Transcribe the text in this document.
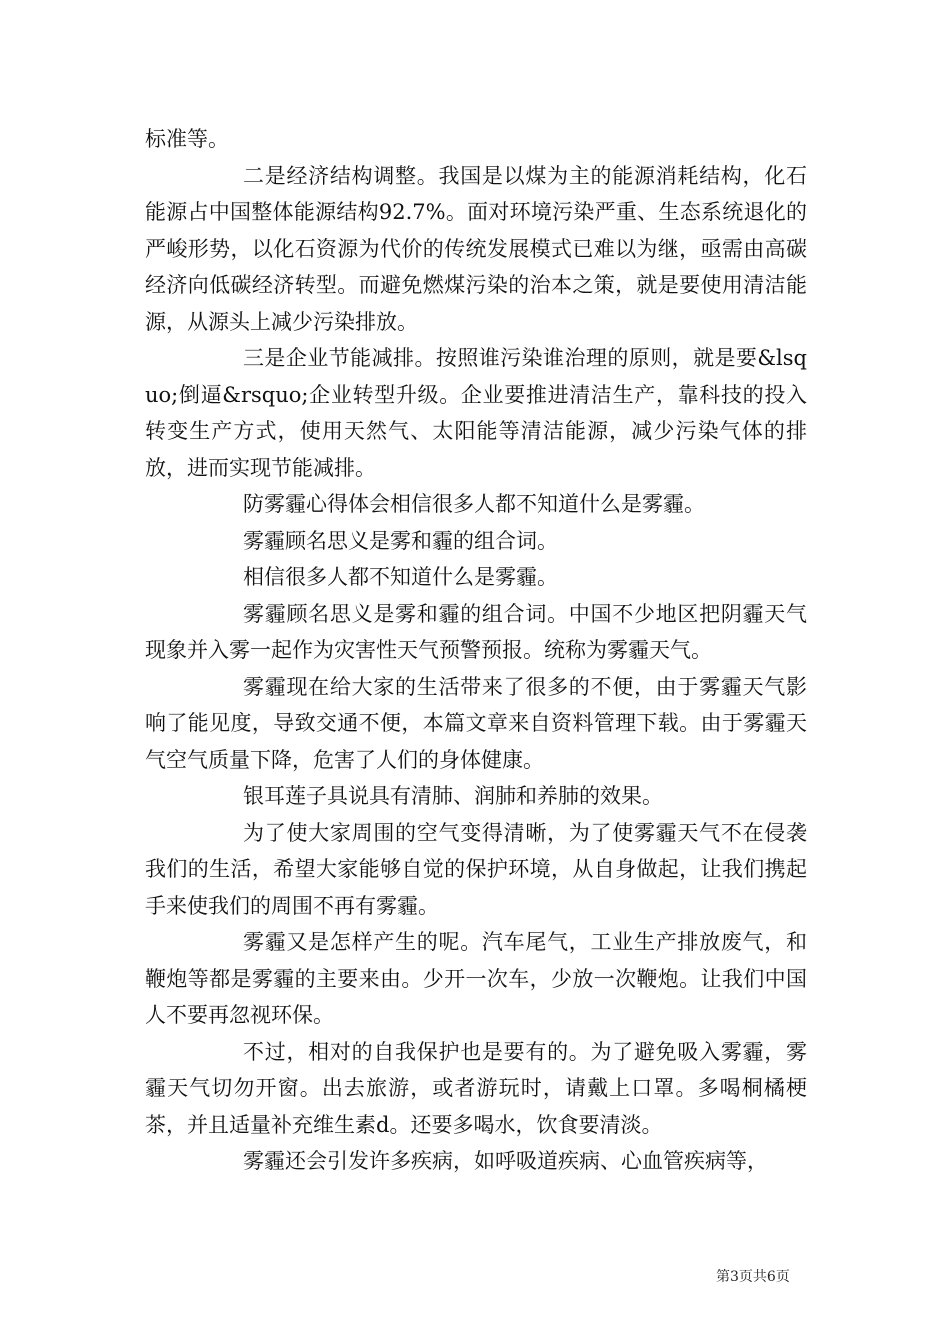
标准等。

二是经济结构调整。我国是以煤为主的能源消耗结构，化石能源占中国整体能源结构92.7%。面对环境污染严重、生态系统退化的严峻形势，以化石资源为代价的传统发展模式已难以为继，亟需由高碳经济向低碳经济转型。而避免燃煤污染的治本之策，就是要使用清洁能源，从源头上减少污染排放。

三是企业节能减排。按照谁污染谁治理的原则，就是要&lsquo;倒逼&rsquo;企业转型升级。企业要推进清洁生产，靠科技的投入转变生产方式，使用天然气、太阳能等清洁能源，减少污染气体的排放，进而实现节能减排。

防雾霾心得体会相信很多人都不知道什么是雾霾。

雾霾顾名思义是雾和霾的组合词。

相信很多人都不知道什么是雾霾。

雾霾顾名思义是雾和霾的组合词。中国不少地区把阴霾天气现象并入雾一起作为灾害性天气预警预报。统称为雾霾天气。

雾霾现在给大家的生活带来了很多的不便，由于雾霾天气影响了能见度，导致交通不便，本篇文章来自资料管理下载。由于雾霾天气空气质量下降，危害了人们的身体健康。

银耳莲子具说具有清肺、润肺和养肺的效果。

为了使大家周围的空气变得清晰，为了使雾霾天气不在侵袭我们的生活，希望大家能够自觉的保护环境，从自身做起，让我们携起手来使我们的周围不再有雾霾。

雾霾又是怎样产生的呢。汽车尾气，工业生产排放废气，和鞭炮等都是雾霾的主要来由。少开一次车，少放一次鞭炮。让我们中国人不要再忽视环保。

不过，相对的自我保护也是要有的。为了避免吸入雾霾，雾霾天气切勿开窗。出去旅游，或者游玩时，请戴上口罩。多喝桐橘梗茶，并且适量补充维生素d。还要多喝水，饮食要清淡。

雾霾还会引发许多疾病，如呼吸道疾病、心血管疾病等，

第3页共6页
